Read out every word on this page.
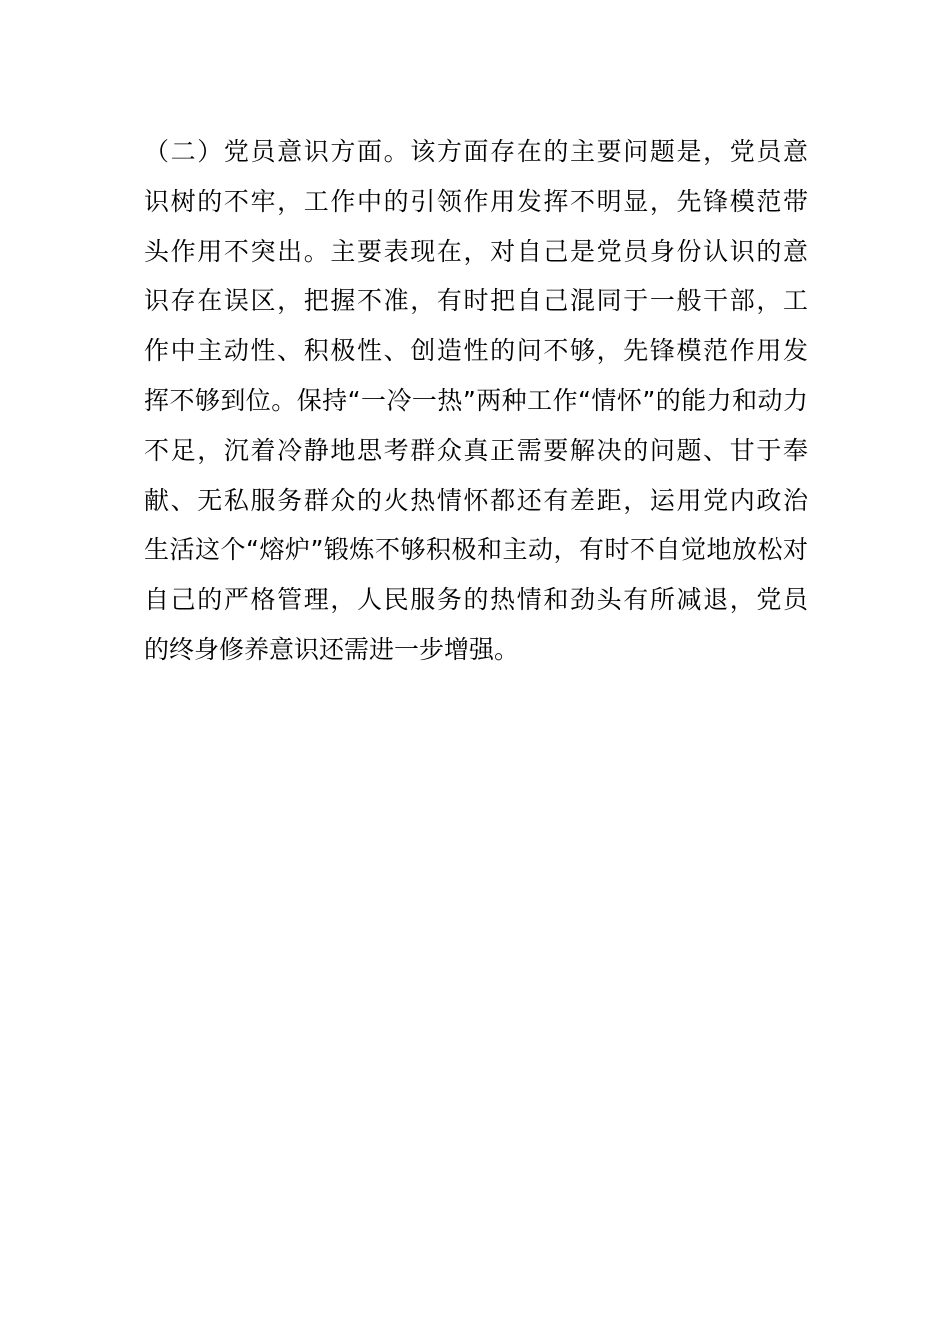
（二）党员意识方面。该方面存在的主要问题是，党员意
识树的不牢，工作中的引领作用发挥不明显，先锋模范带
头作用不突出。主要表现在，对自己是党员身份认识的意
识存在误区，把握不准，有时把自己混同于一般干部，工
作中主动性、积极性、创造性的问不够，先锋模范作用发
挥不够到位。保持“一冷一热”两种工作“情怀”的能力和动力
不足，沉着冷静地思考群众真正需要解决的问题、甘于奉
献、无私服务群众的火热情怀都还有差距，运用党内政治
生活这个“熔炉”锻炼不够积极和主动，有时不自觉地放松对
自己的严格管理，人民服务的热情和劲头有所减退，党员
的终身修养意识还需进一步增强。
